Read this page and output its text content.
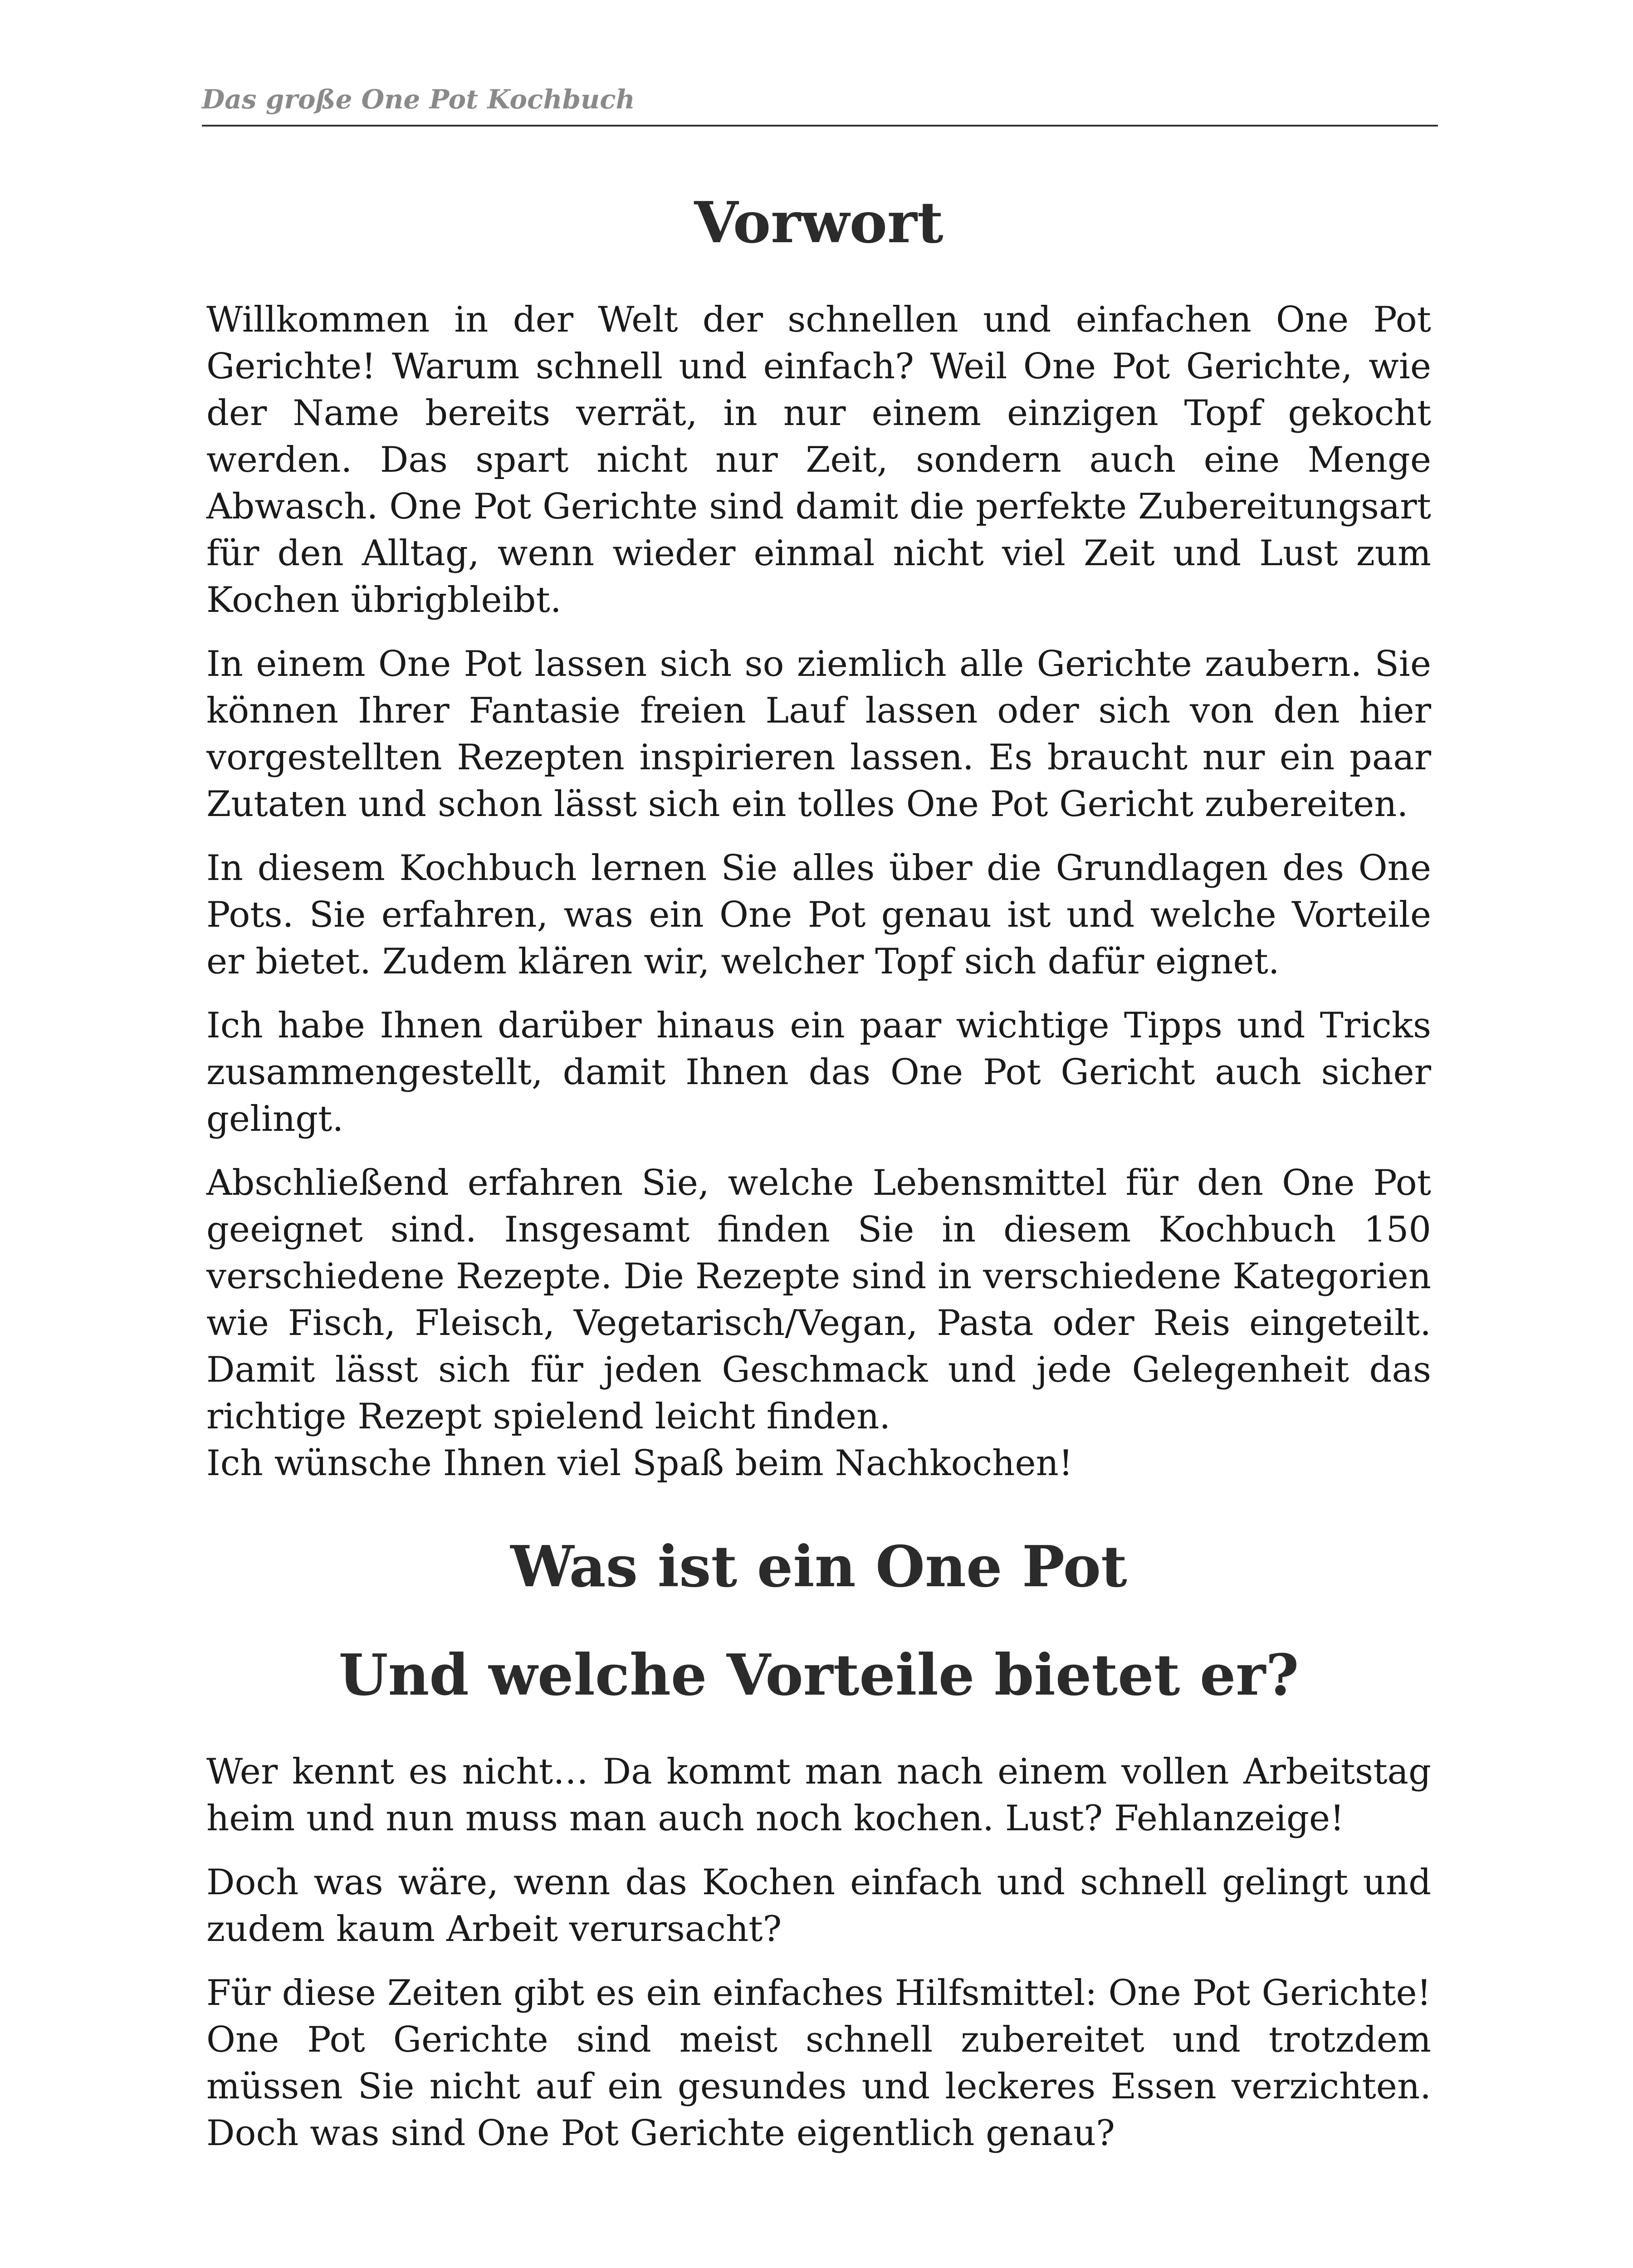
Das große One Pot Kochbuch
Vorwort

Willkommen in der Welt der schnellen und einfachen One Pot Gerichte! Warum schnell und einfach? Weil One Pot Gerichte, wie der Name bereits verrät, in nur einem einzigen Topf gekocht werden. Das spart nicht nur Zeit, sondern auch eine Menge Abwasch. One Pot Gerichte sind damit die perfekte Zubereitungsart für den Alltag, wenn wieder einmal nicht viel Zeit und Lust zum Kochen übrigbleibt.

In einem One Pot lassen sich so ziemlich alle Gerichte zaubern. Sie können Ihrer Fantasie freien Lauf lassen oder sich von den hier vorgestellten Rezepten inspirieren lassen. Es braucht nur ein paar Zutaten und schon lässt sich ein tolles One Pot Gericht zubereiten.

In diesem Kochbuch lernen Sie alles über die Grundlagen des One Pots. Sie erfahren, was ein One Pot genau ist und welche Vorteile er bietet. Zudem klären wir, welcher Topf sich dafür eignet.

Ich habe Ihnen darüber hinaus ein paar wichtige Tipps und Tricks zusammengestellt, damit Ihnen das One Pot Gericht auch sicher gelingt.

Abschließend erfahren Sie, welche Lebensmittel für den One Pot geeignet sind. Insgesamt finden Sie in diesem Kochbuch 150 verschiedene Rezepte. Die Rezepte sind in verschiedene Kategorien wie Fisch, Fleisch, Vegetarisch/Vegan, Pasta oder Reis eingeteilt. Damit lässt sich für jeden Geschmack und jede Gelegenheit das richtige Rezept spielend leicht finden.

Ich wünsche Ihnen viel Spaß beim Nachkochen!

Was ist ein One Pot
Und welche Vorteile bietet er?

Wer kennt es nicht… Da kommt man nach einem vollen Arbeitstag heim und nun muss man auch noch kochen. Lust? Fehlanzeige!

Doch was wäre, wenn das Kochen einfach und schnell gelingt und zudem kaum Arbeit verursacht?

Für diese Zeiten gibt es ein einfaches Hilfsmittel: One Pot Gerichte! One Pot Gerichte sind meist schnell zubereitet und trotzdem müssen Sie nicht auf ein gesundes und leckeres Essen verzichten. Doch was sind One Pot Gerichte eigentlich genau?
